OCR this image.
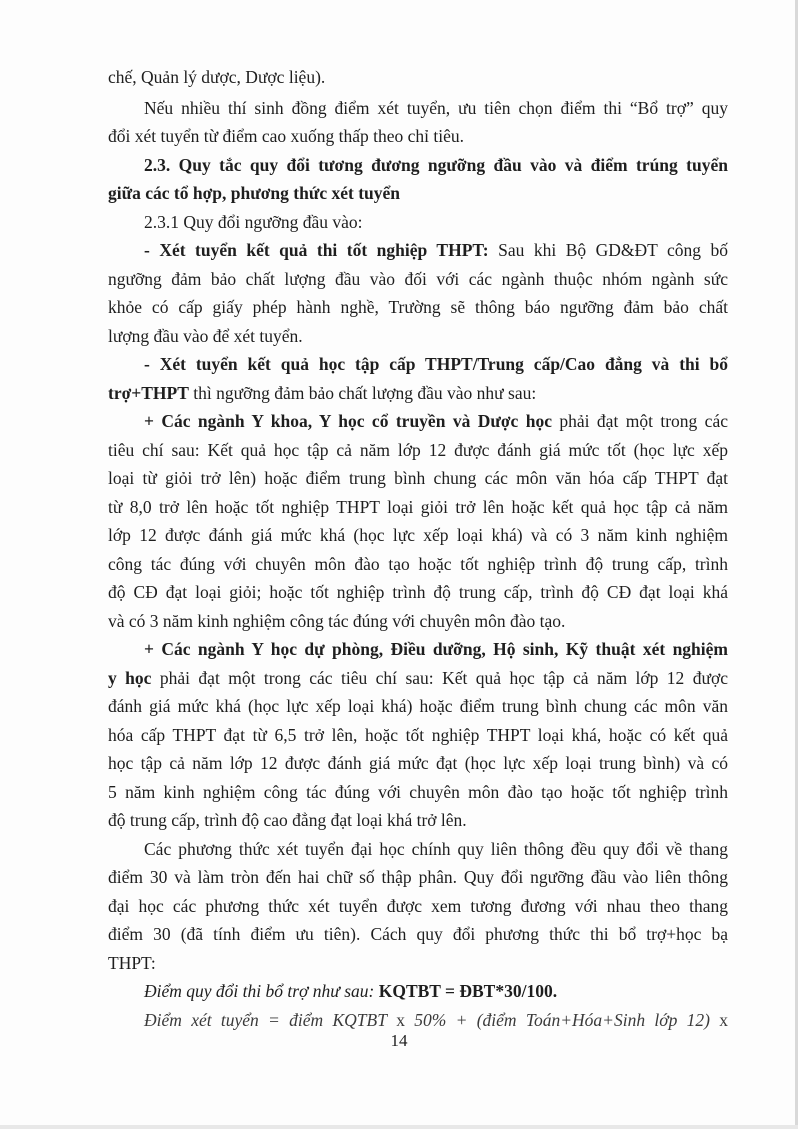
chế, Quản lý dược, Dược liệu).
Nếu nhiều thí sinh đồng điểm xét tuyển, ưu tiên chọn điểm thi “Bổ trợ” quy
đổi xét tuyển từ điểm cao xuống thấp theo chỉ tiêu.
2.3. Quy tắc quy đổi tương đương ngưỡng đầu vào và điểm trúng tuyển
giữa các tổ hợp, phương thức xét tuyển
2.3.1 Quy đổi ngưỡng đầu vào:
- Xét tuyển kết quả thi tốt nghiệp THPT: Sau khi Bộ GD&ĐT công bố
ngưỡng đảm bảo chất lượng đầu vào đối với các ngành thuộc nhóm ngành sức
khỏe có cấp giấy phép hành nghề, Trường sẽ thông báo ngưỡng đảm bảo chất
lượng đầu vào để xét tuyển.
- Xét tuyển kết quả học tập cấp THPT/Trung cấp/Cao đẳng và thi bổ
trợ+THPT thì ngưỡng đảm bảo chất lượng đầu vào như sau:
+ Các ngành Y khoa, Y học cổ truyền và Dược học phải đạt một trong các
tiêu chí sau: Kết quả học tập cả năm lớp 12 được đánh giá mức tốt (học lực xếp
loại từ giỏi trở lên) hoặc điểm trung bình chung các môn văn hóa cấp THPT đạt
từ 8,0 trở lên hoặc tốt nghiệp THPT loại giỏi trở lên hoặc kết quả học tập cả năm
lớp 12 được đánh giá mức khá (học lực xếp loại khá) và có 3 năm kinh nghiệm
công tác đúng với chuyên môn đào tạo hoặc tốt nghiệp trình độ trung cấp, trình
độ CĐ đạt loại giỏi; hoặc tốt nghiệp trình độ trung cấp, trình độ CĐ đạt loại khá
và có 3 năm kinh nghiệm công tác đúng với chuyên môn đào tạo.
+ Các ngành Y học dự phòng, Điều dưỡng, Hộ sinh, Kỹ thuật xét nghiệm
y học phải đạt một trong các tiêu chí sau: Kết quả học tập cả năm lớp 12 được
đánh giá mức khá (học lực xếp loại khá) hoặc điểm trung bình chung các môn văn
hóa cấp THPT đạt từ 6,5 trở lên, hoặc tốt nghiệp THPT loại khá, hoặc có kết quả
học tập cả năm lớp 12 được đánh giá mức đạt (học lực xếp loại trung bình) và có
5 năm kinh nghiệm công tác đúng với chuyên môn đào tạo hoặc tốt nghiệp trình
độ trung cấp, trình độ cao đẳng đạt loại khá trở lên.
Các phương thức xét tuyển đại học chính quy liên thông đều quy đổi về thang
điểm 30 và làm tròn đến hai chữ số thập phân. Quy đổi ngưỡng đầu vào liên thông
đại học các phương thức xét tuyển được xem tương đương với nhau theo thang
điểm 30 (đã tính điểm ưu tiên). Cách quy đổi phương thức thi bổ trợ+học bạ
THPT:
Điểm quy đổi thi bổ trợ như sau: KQTBT = ĐBT*30/100.
Điểm xét tuyển = điểm KQTBT x 50% + (điểm Toán+Hóa+Sinh lớp 12) x
14
